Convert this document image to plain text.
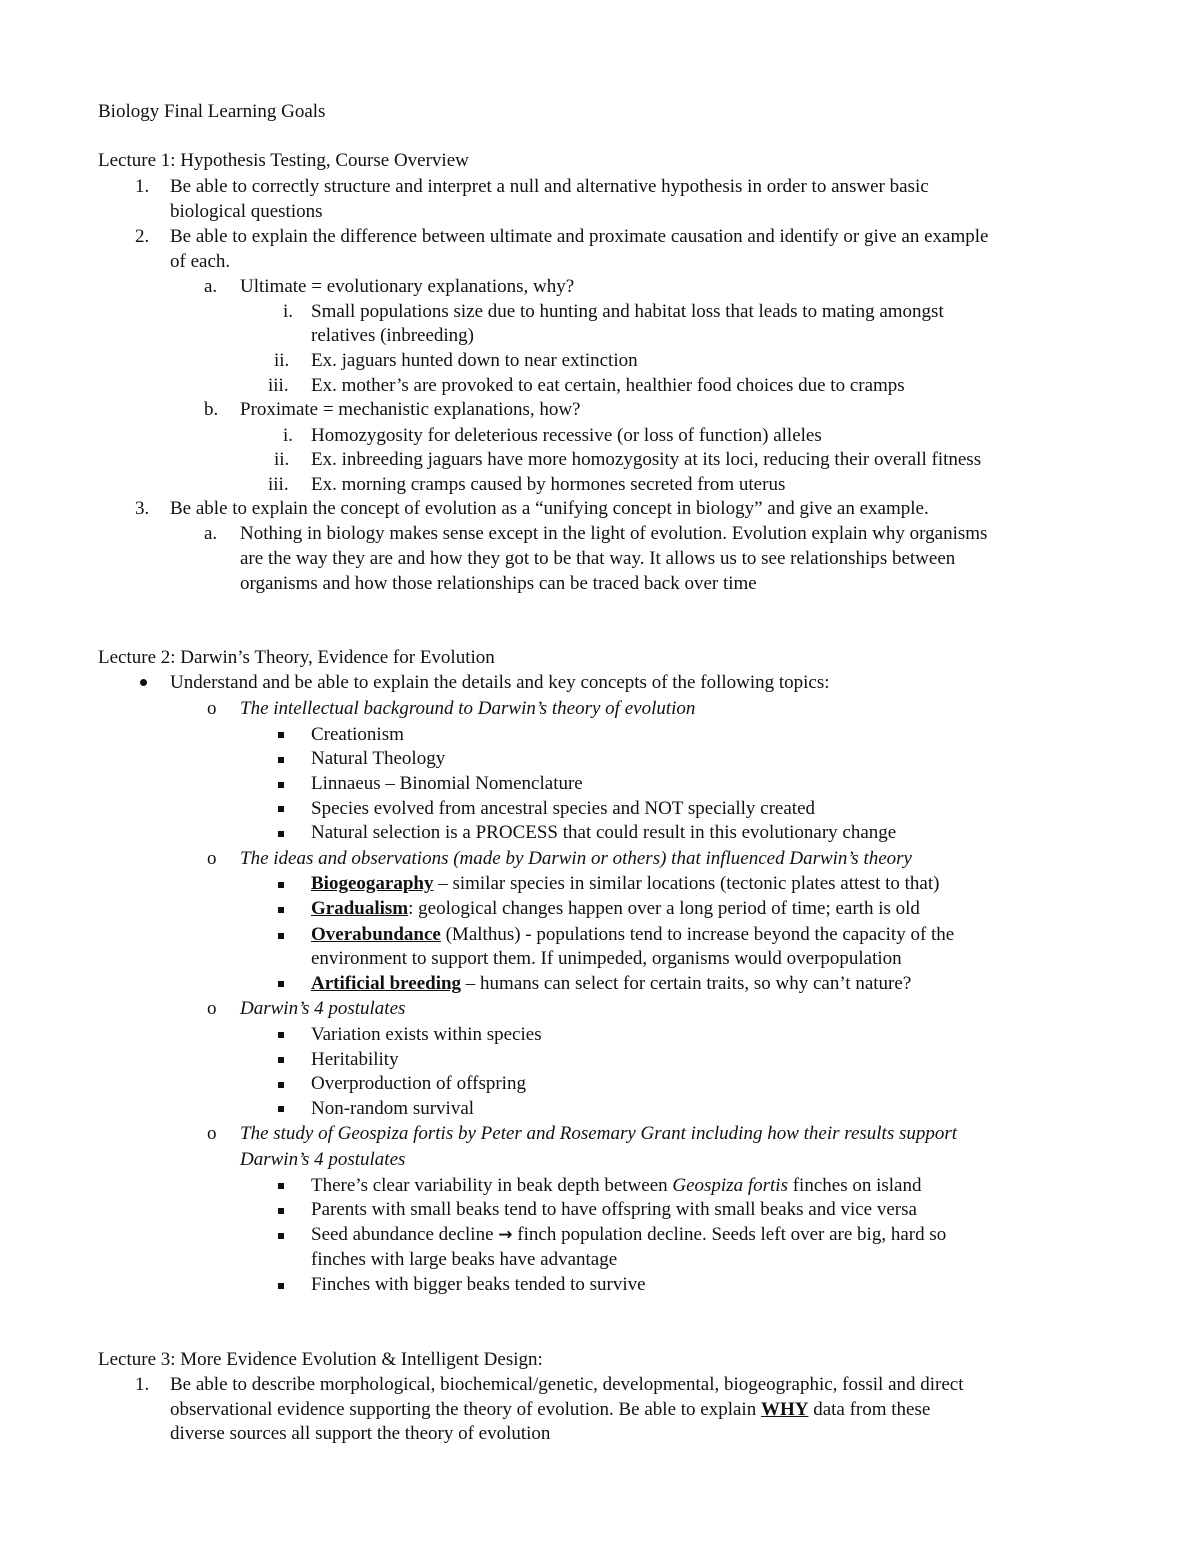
Biology Final Learning Goals
Lecture 1: Hypothesis Testing, Course Overview
1. Be able to correctly structure and interpret a null and alternative hypothesis in order to answer basic
biological questions
2. Be able to explain the difference between ultimate and proximate causation and identify or give an example
of each.
a. Ultimate = evolutionary explanations, why?
i. Small populations size due to hunting and habitat loss that leads to mating amongst
relatives (inbreeding)
ii. Ex. jaguars hunted down to near extinction
iii. Ex. mother’s are provoked to eat certain, healthier food choices due to cramps
b. Proximate = mechanistic explanations, how?
i. Homozygosity for deleterious recessive (or loss of function) alleles
ii. Ex. inbreeding jaguars have more homozygosity at its loci, reducing their overall fitness
iii. Ex. morning cramps caused by hormones secreted from uterus
3. Be able to explain the concept of evolution as a “unifying concept in biology” and give an example.
a. Nothing in biology makes sense except in the light of evolution. Evolution explain why organisms
are the way they are and how they got to be that way. It allows us to see relationships between
organisms and how those relationships can be traced back over time
Lecture 2: Darwin’s Theory, Evidence for Evolution
Understand and be able to explain the details and key concepts of the following topics:
o The intellectual background to Darwin’s theory of evolution
Creationism
Natural Theology
Linnaeus – Binomial Nomenclature
Species evolved from ancestral species and NOT specially created
Natural selection is a PROCESS that could result in this evolutionary change
o The ideas and observations (made by Darwin or others) that influenced Darwin’s theory
Biogeogaraphy – similar species in similar locations (tectonic plates attest to that)
Gradualism: geological changes happen over a long period of time; earth is old
Overabundance (Malthus) - populations tend to increase beyond the capacity of the
environment to support them. If unimpeded, organisms would overpopulation
Artificial breeding – humans can select for certain traits, so why can’t nature?
o Darwin’s 4 postulates
Variation exists within species
Heritability
Overproduction of offspring
Non-random survival
o The study of Geospiza fortis by Peter and Rosemary Grant including how their results support
Darwin’s 4 postulates
There’s clear variability in beak depth between Geospiza fortis finches on island
Parents with small beaks tend to have offspring with small beaks and vice versa
Seed abundance decline → finch population decline. Seeds left over are big, hard so
finches with large beaks have advantage
Finches with bigger beaks tended to survive
Lecture 3: More Evidence Evolution & Intelligent Design:
1. Be able to describe morphological, biochemical/genetic, developmental, biogeographic, fossil and direct
observational evidence supporting the theory of evolution. Be able to explain WHY data from these
diverse sources all support the theory of evolution
